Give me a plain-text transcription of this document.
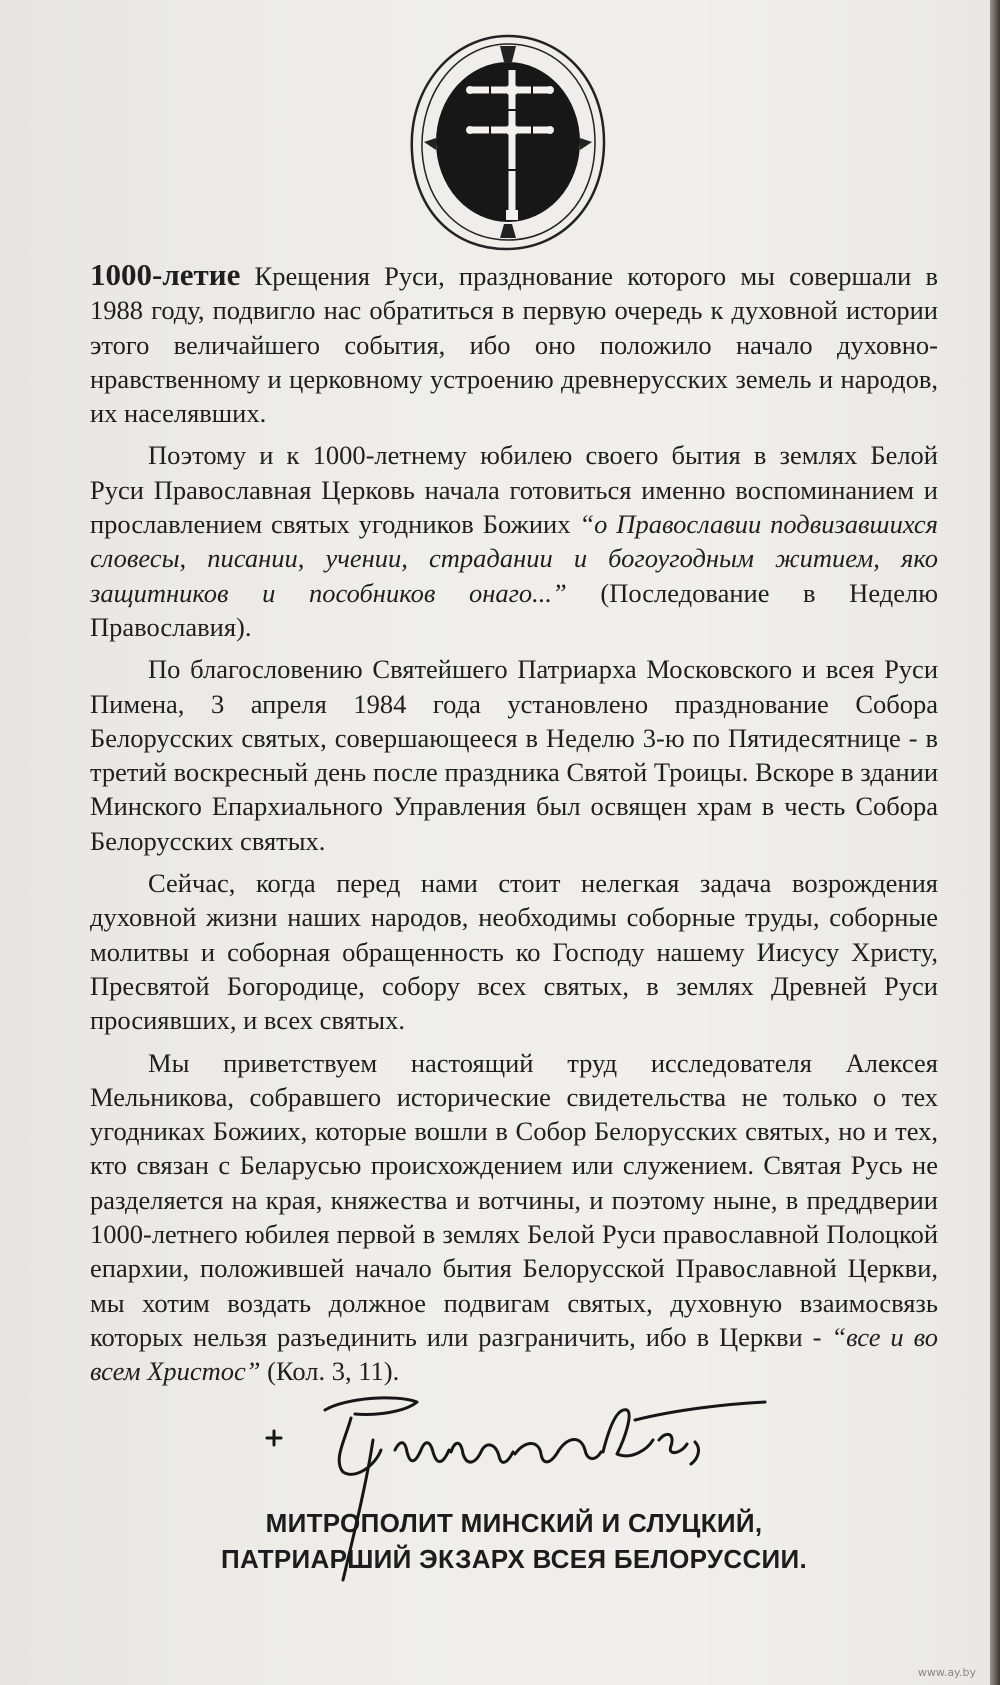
1000-летие Крещения Руси, празднование которого мы совершали в 1988 году, подвигло нас обратиться в первую очередь к духовной истории этого величайшего события, ибо оно положило начало духовно-нравственному и церковному устроению древнерусских земель и народов, их населявших.

Поэтому и к 1000-летнему юбилею своего бытия в землях Белой Руси Православная Церковь начала готовиться именно воспоминанием и прославлением святых угодников Божиих “о Православии подвизавшихся словесы, писании, учении, страдании и богоугодным житием, яко защитников и пособников онаго...” (Последование в Неделю Православия).

По благословению Святейшего Патриарха Московского и всея Руси Пимена, 3 апреля 1984 года установлено празднование Собора Белорусских святых, совершающееся в Неделю 3-ю по Пятидесятнице - в третий воскресный день после праздника Святой Троицы. Вскоре в здании Минского Епархиального Управления был освящен храм в честь Собора Белорусских святых.

Сейчас, когда перед нами стоит нелегкая задача возрождения духовной жизни наших народов, необходимы соборные труды, соборные молитвы и соборная обращенность ко Господу нашему Иисусу Христу, Пресвятой Богородице, собору всех святых, в землях Древней Руси просиявших, и всех святых.

Мы приветствуем настоящий труд исследователя Алексея Мельникова, собравшего исторические свидетельства не только о тех угодниках Божиих, которые вошли в Собор Белорусских святых, но и тех, кто связан с Беларусью происхождением или служением. Святая Русь не разделяется на края, княжества и вотчины, и поэтому ныне, в преддверии 1000-летнего юбилея первой в землях Белой Руси православной Полоцкой епархии, положившей начало бытия Белорусской Православной Церкви, мы хотим воздать должное подвигам святых, духовную взаимосвязь которых нельзя разъединить или разграничить, ибо в Церкви - “все и во всем Христос” (Кол. 3, 11).

МИТРОПОЛИТ МИНСКИЙ И СЛУЦКИЙ,
ПАТРИАРШИЙ ЭКЗАРХ ВСЕЯ БЕЛОРУССИИ.
www.ay.by
